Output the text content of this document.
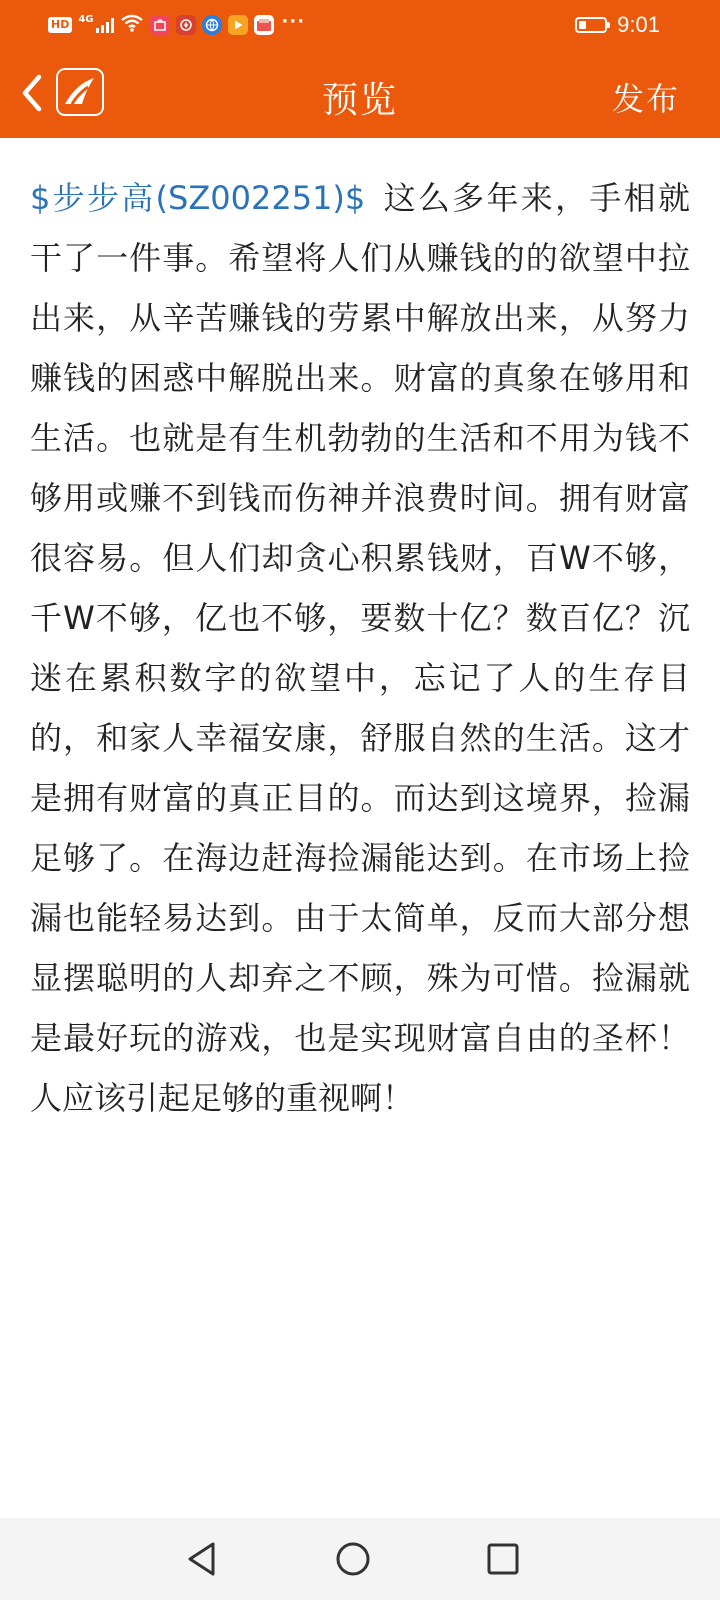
HD 4G	···	9:01
预览	发布
$步步高(SZ002251)$ 这么多年来，手相就干了一件事。希望将人们从赚钱的的欲望中拉出来，从辛苦赚钱的劳累中解放出来，从努力赚钱的困惑中解脱出来。财富的真象在够用和生活。也就是有生机勃勃的生活和不用为钱不够用或赚不到钱而伤神并浪费时间。拥有财富很容易。但人们却贪心积累钱财，百W不够，千W不够，亿也不够，要数十亿？数百亿？沉迷在累积数字的欲望中，忘记了人的生存目的，和家人幸福安康，舒服自然的生活。这才是拥有财富的真正目的。而达到这境界，捡漏足够了。在海边赶海捡漏能达到。在市场上捡漏也能轻易达到。由于太简单，反而大部分想显摆聪明的人却弃之不顾，殊为可惜。捡漏就是最好玩的游戏，也是实现财富自由的圣杯！人应该引起足够的重视啊！
